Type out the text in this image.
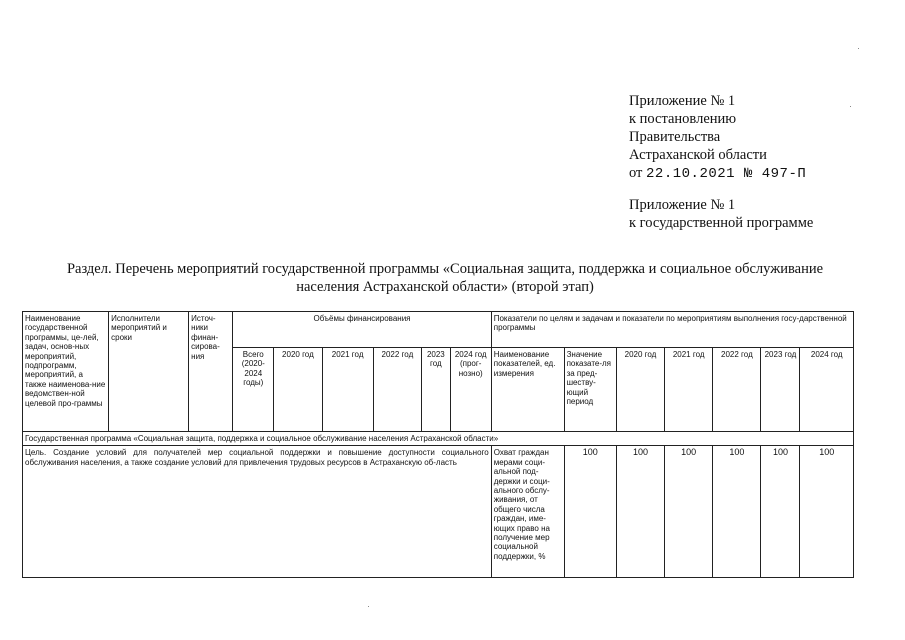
Приложение № 1
к постановлению
Правительства
Астраханской области
от 22.10.2021 № 497-П
Приложение № 1
к государственной программе
Раздел. Перечень мероприятий государственной программы «Социальная защита, поддержка и социальное обслуживание
населения Астраханской области» (второй этап)
Наименование государственной программы, це-лей, задач, основ-ных мероприятий, подпрограмм, мероприятий, а также наименова-ние ведомствен-ной целевой про-граммы	Исполнители мероприятий и сроки	Источ-ники финан-сирова-ния	Объёмы финансирования						Показатели по целям и задачам и показатели по мероприятиям выполнения госу-дарственной программы						
			Всего (2020-2024 годы)	2020 год	2021 год	2022 год	2023 год	2024 год (прог-нозно)	Наименование показателей, ед. измерения	Значение показате-ля за пред-шеству-ющий период	2020 год	2021 год	2022 год	2023 год	2024 год
Государственная программа «Социальная защита, поддержка и социальное обслуживание населения Астраханской области»															
Цель. Создание условий для получателей мер социальной поддержки и повышение доступности социального обслуживания населения, а также создание условий для привлечения трудовых ресурсов в Астраханскую об-ласть									Охват граждан мерами соци-альной под-держки и соци-ального обслу-живания, от общего числа граждан, име-ющих право на получение мер социальной поддержки, %	100	100	100	100	100	100
